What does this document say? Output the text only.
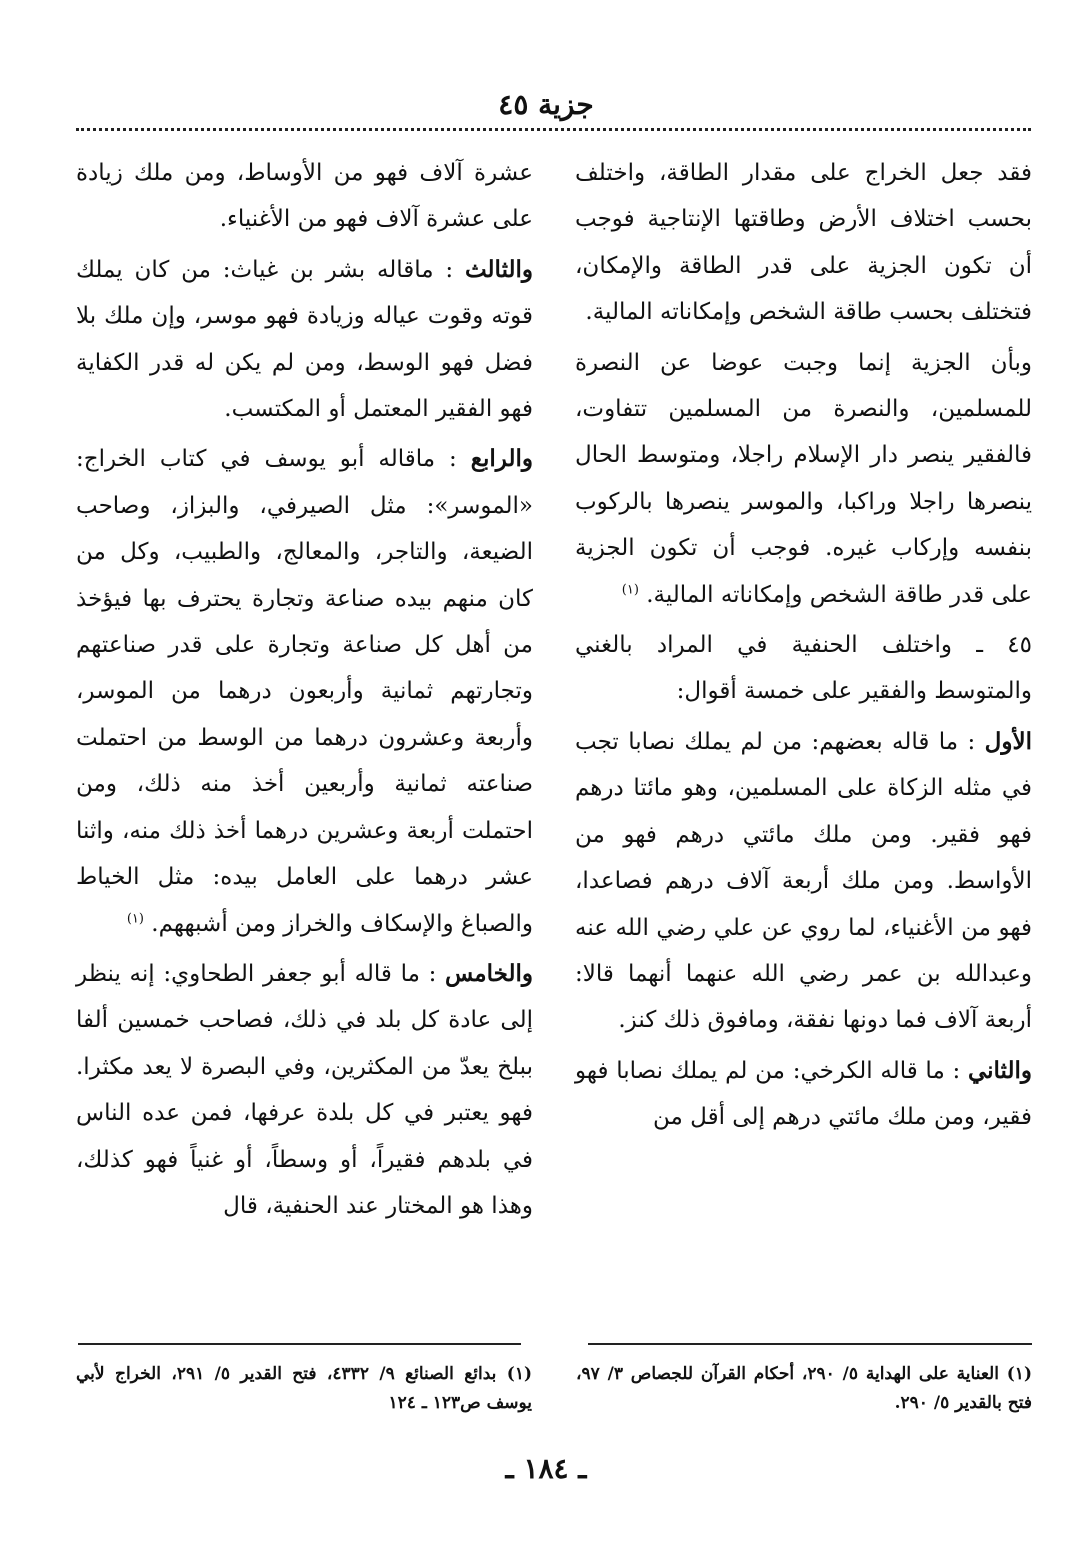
جزية ٤٥

فقد جعل الخراج على مقدار الطاقة، واختلف بحسب اختلاف الأرض وطاقتها الإنتاجية فوجب أن تكون الجزية على قدر الطاقة والإمكان، فتختلف بحسب طاقة الشخص وإمكاناته المالية.

وبأن الجزية إنما وجبت عوضا عن النصرة للمسلمين، والنصرة من المسلمين تتفاوت، فالفقير ينصر دار الإسلام راجلا، ومتوسط الحال ينصرها راجلا وراكبا، والموسر ينصرها بالركوب بنفسه وإركاب غيره. فوجب أن تكون الجزية على قدر طاقة الشخص وإمكاناته المالية. $^{(١)}$

٤٥ ـ واختلف الحنفية في المراد بالغني والمتوسط والفقير على خمسة أقوال:

الأول : ما قاله بعضهم: من لم يملك نصابا تجب في مثله الزكاة على المسلمين، وهو مائتا درهم فهو فقير. ومن ملك مائتي درهم فهو من الأواسط. ومن ملك أربعة آلاف درهم فصاعدا، فهو من الأغنياء، لما روي عن علي رضي الله عنه وعبدالله بن عمر رضي الله عنهما أنهما قالا: أربعة آلاف فما دونها نفقة، ومافوق ذلك كنز.

والثاني : ما قاله الكرخي: من لم يملك نصابا فهو فقير، ومن ملك مائتي درهم إلى أقل من

عشرة آلاف فهو من الأوساط، ومن ملك زيادة على عشرة آلاف فهو من الأغنياء.

والثالث : ماقاله بشر بن غياث: من كان يملك قوته وقوت عياله وزيادة فهو موسر، وإن ملك بلا فضل فهو الوسط، ومن لم يكن له قدر الكفاية فهو الفقير المعتمل أو المكتسب.

والرابع : ماقاله أبو يوسف في كتاب الخراج: «الموسر»: مثل الصيرفي، والبزاز، وصاحب الضيعة، والتاجر، والمعالج، والطبيب، وكل من كان منهم بيده صناعة وتجارة يحترف بها فيؤخذ من أهل كل صناعة وتجارة على قدر صناعتهم وتجارتهم ثمانية وأربعون درهما من الموسر، وأربعة وعشرون درهما من الوسط من احتملت صناعته ثمانية وأربعين أخذ منه ذلك، ومن احتملت أربعة وعشرين درهما أخذ ذلك منه، واثنا عشر درهما على العامل بيده: مثل الخياط والصباغ والإسكاف والخراز ومن أشبههم. $^{(١)}$

والخامس : ما قاله أبو جعفر الطحاوي: إنه ينظر إلى عادة كل بلد في ذلك، فصاحب خمسين ألفا ببلخ يعدّ من المكثرين، وفي البصرة لا يعد مكثرا. فهو يعتبر في كل بلدة عرفها، فمن عده الناس في بلدهم فقيراً، أو وسطاً، أو غنياً فهو كذلك، وهذا هو المختار عند الحنفية، قال

(١) العناية على الهداية ٥/ ٢٩٠، أحكام القرآن للجصاص ٣/ ٩٧، فتح بالقدير ٥/ ٢٩٠.
(١) بدائع الصنائع ٩/ ٤٣٣٢، فتح القدير ٥/ ٢٩١، الخراج لأبي يوسف ص١٢٣ ـ ١٢٤
ـ ١٨٤ ـ
